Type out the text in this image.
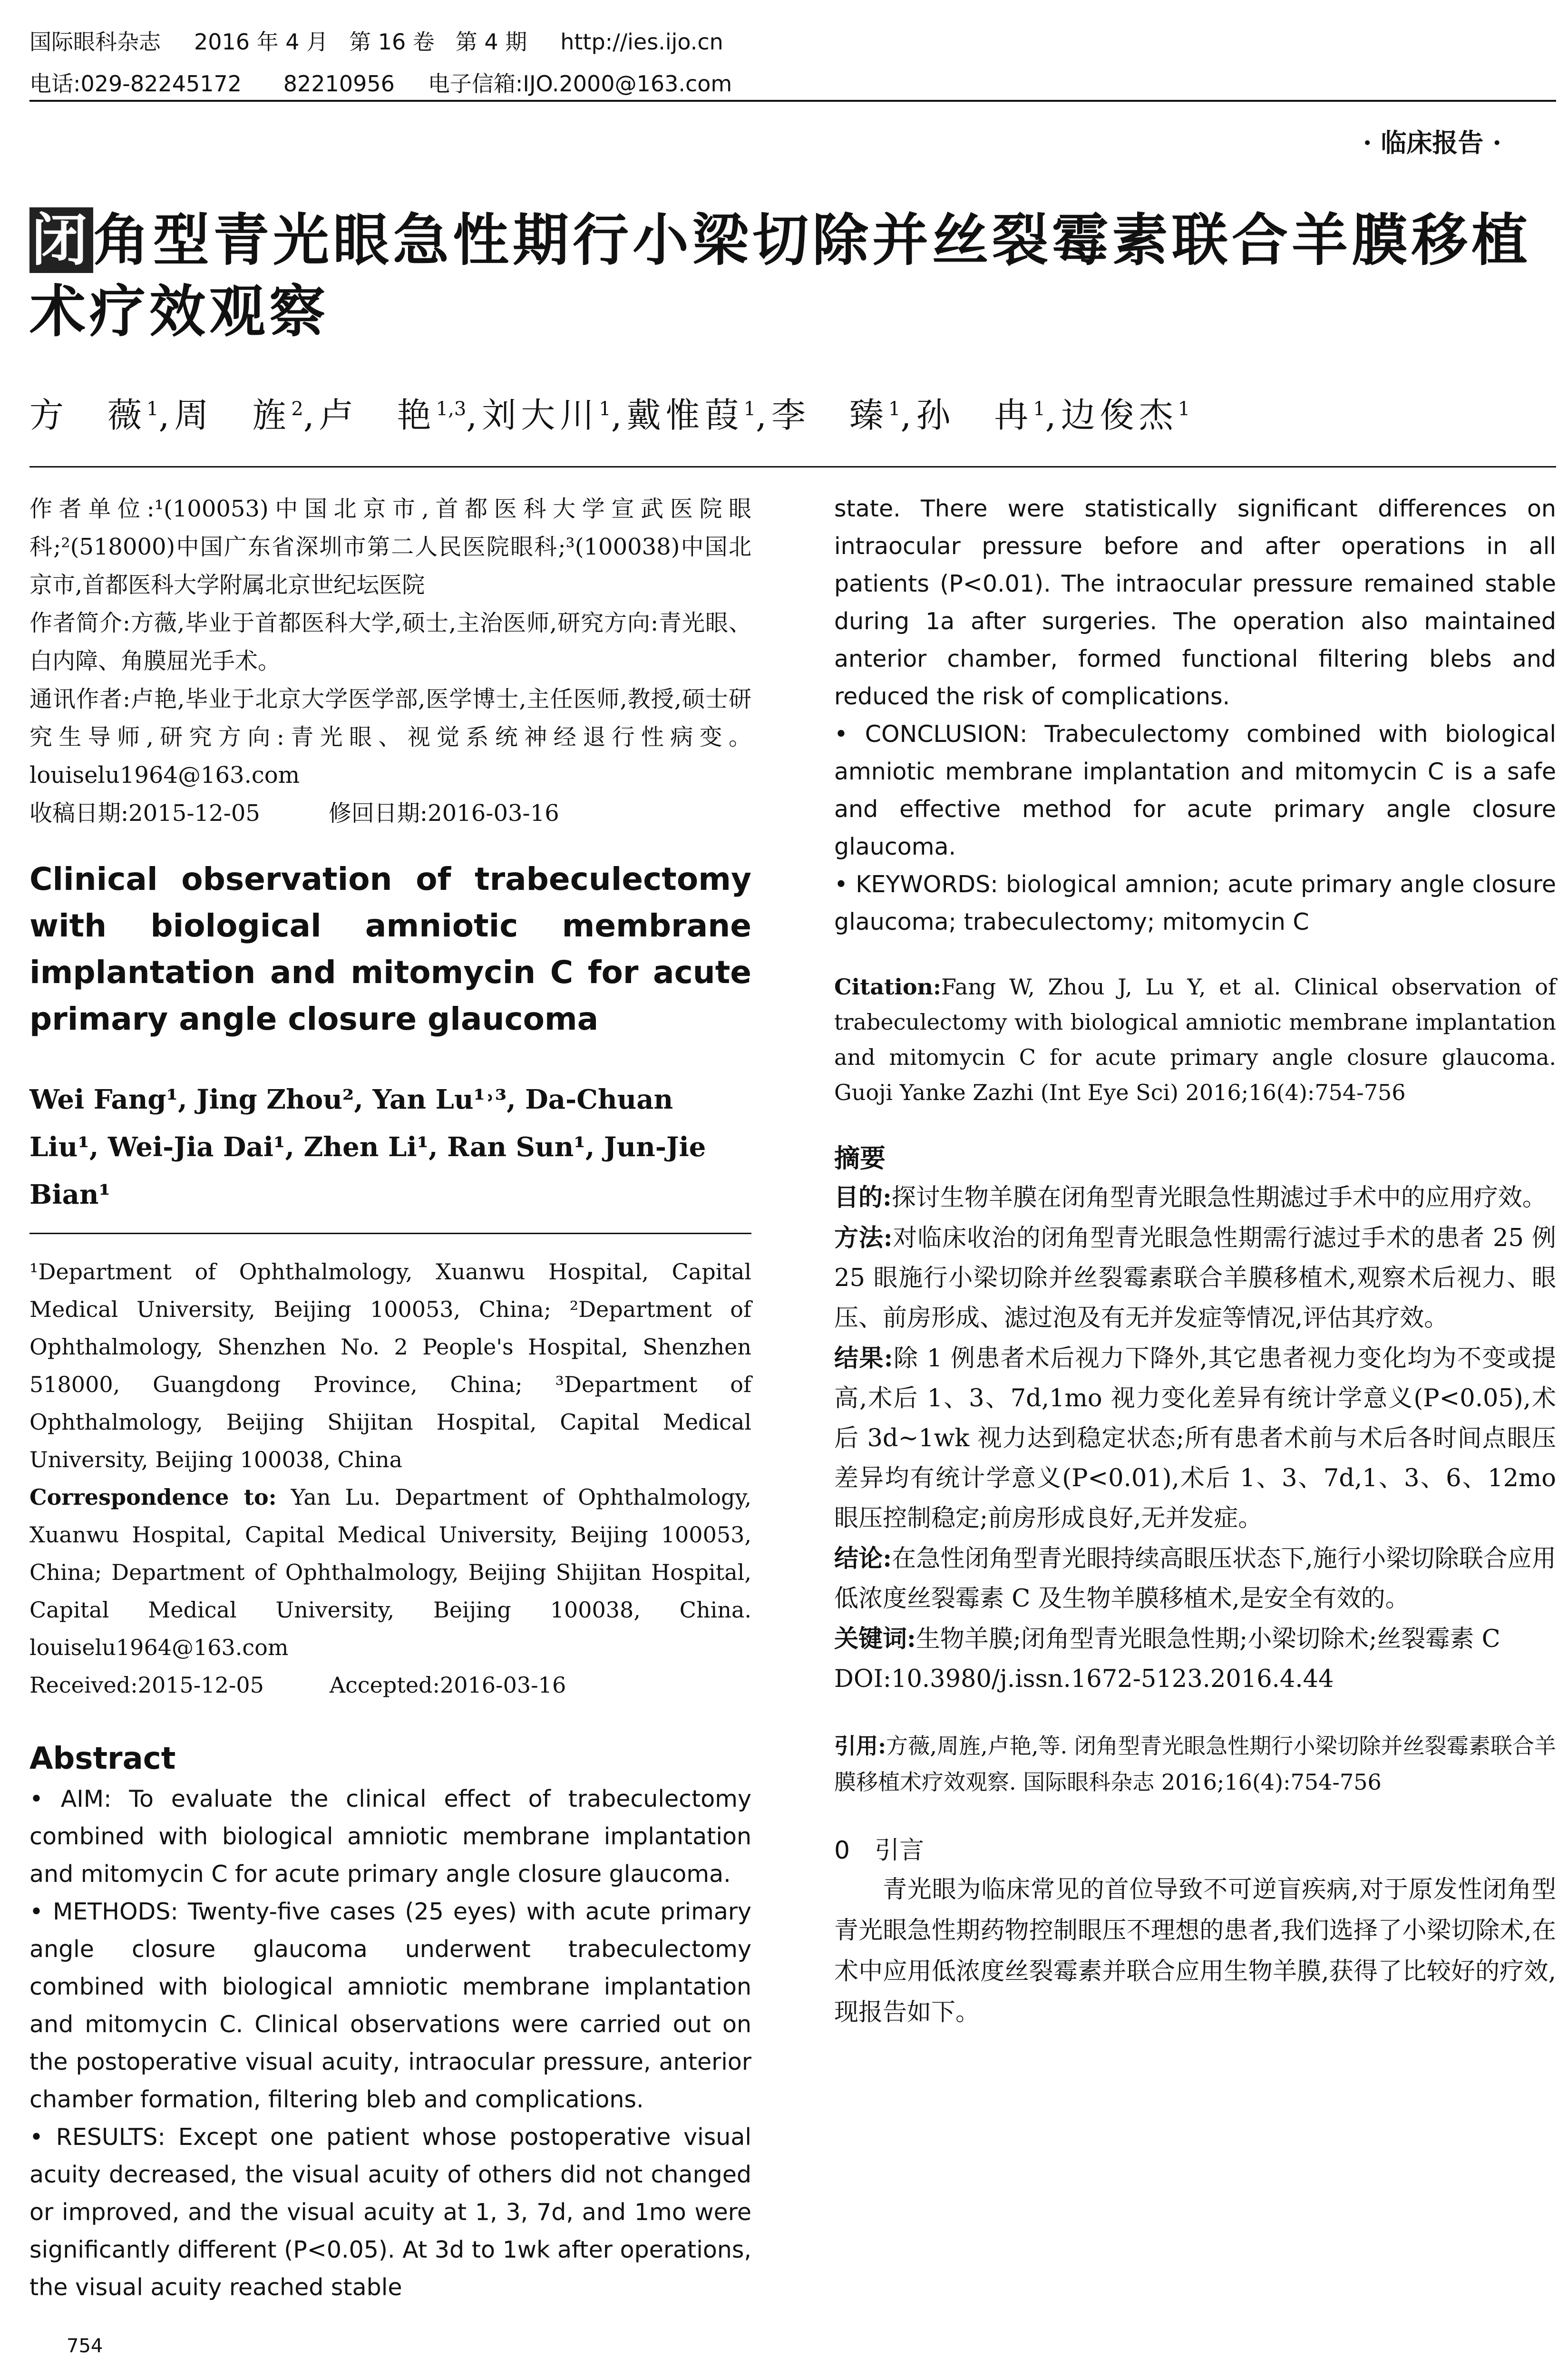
国际眼科杂志 2016 年 4 月   第 16 卷   第 4 期 http://ies.ijo.cn
电话:029-82245172      82210956 电子信箱:IJO.2000@163.com
· 临床报告 ·
闭角型青光眼急性期行小梁切除并丝裂霉素联合羊膜移植术疗效观察
方　薇$^1$,周　旌$^2$,卢　艳$^{1,3}$,刘大川$^1$,戴惟葭$^1$,李　臻$^1$,孙　冉$^1$,边俊杰$^1$

作者单位:¹(100053)中国北京市,首都医科大学宣武医院眼科;²(518000)中国广东省深圳市第二人民医院眼科;³(100038)中国北京市,首都医科大学附属北京世纪坛医院

作者简介:方薇,毕业于首都医科大学,硕士,主治医师,研究方向:青光眼、白内障、角膜屈光手术。

通讯作者:卢艳,毕业于北京大学医学部,医学博士,主任医师,教授,硕士研究生导师,研究方向:青光眼、视觉系统神经退行性病变。louiselu1964@163.com

收稿日期:2015-12-05　　　修回日期:2016-03-16

Clinical observation of trabeculectomy with biological amniotic membrane implantation and mitomycin C for acute primary angle closure glaucoma
Wei Fang¹, Jing Zhou², Yan Lu¹˒³, Da-Chuan Liu¹, Wei-Jia Dai¹, Zhen Li¹, Ran Sun¹, Jun-Jie Bian¹
¹Department of Ophthalmology, Xuanwu Hospital, Capital Medical University, Beijing 100053, China; ²Department of Ophthalmology, Shenzhen No. 2 People's Hospital, Shenzhen 518000, Guangdong Province, China; ³Department of Ophthalmology, Beijing Shijitan Hospital, Capital Medical University, Beijing 100038, China
Correspondence to: Yan Lu. Department of Ophthalmology, Xuanwu Hospital, Capital Medical University, Beijing 100053, China; Department of Ophthalmology, Beijing Shijitan Hospital, Capital Medical University, Beijing 100038, China. louiselu1964@163.com
Received:2015-12-05　　　Accepted:2016-03-16
Abstract

• AIM: To evaluate the clinical effect of trabeculectomy combined with biological amniotic membrane implantation and mitomycin C for acute primary angle closure glaucoma.

• METHODS: Twenty-five cases (25 eyes) with acute primary angle closure glaucoma underwent trabeculectomy combined with biological amniotic membrane implantation and mitomycin C. Clinical observations were carried out on the postoperative visual acuity, intraocular pressure, anterior chamber formation, filtering bleb and complications.

• RESULTS: Except one patient whose postoperative visual acuity decreased, the visual acuity of others did not changed or improved, and the visual acuity at 1, 3, 7d, and 1mo were significantly different (P<0.05). At 3d to 1wk after operations, the visual acuity reached stable

state. There were statistically significant differences on intraocular pressure before and after operations in all patients (P<0.01). The intraocular pressure remained stable during 1a after surgeries. The operation also maintained anterior chamber, formed functional filtering blebs and reduced the risk of complications.

• CONCLUSION: Trabeculectomy combined with biological amniotic membrane implantation and mitomycin C is a safe and effective method for acute primary angle closure glaucoma.

• KEYWORDS: biological amnion; acute primary angle closure glaucoma; trabeculectomy; mitomycin C

Citation:Fang W, Zhou J, Lu Y, et al. Clinical observation of trabeculectomy with biological amniotic membrane implantation and mitomycin C for acute primary angle closure glaucoma. Guoji Yanke Zazhi (Int Eye Sci) 2016;16(4):754-756
摘要

目的:探讨生物羊膜在闭角型青光眼急性期滤过手术中的应用疗效。

方法:对临床收治的闭角型青光眼急性期需行滤过手术的患者 25 例 25 眼施行小梁切除并丝裂霉素联合羊膜移植术,观察术后视力、眼压、前房形成、滤过泡及有无并发症等情况,评估其疗效。

结果:除 1 例患者术后视力下降外,其它患者视力变化均为不变或提高,术后 1、3、7d,1mo 视力变化差异有统计学意义(P<0.05),术后 3d~1wk 视力达到稳定状态;所有患者术前与术后各时间点眼压差异均有统计学意义(P<0.01),术后 1、3、7d,1、3、6、12mo 眼压控制稳定;前房形成良好,无并发症。

结论:在急性闭角型青光眼持续高眼压状态下,施行小梁切除联合应用低浓度丝裂霉素 C 及生物羊膜移植术,是安全有效的。

关键词:生物羊膜;闭角型青光眼急性期;小梁切除术;丝裂霉素 C

DOI:10.3980/j.issn.1672-5123.2016.4.44

引用:方薇,周旌,卢艳,等. 闭角型青光眼急性期行小梁切除并丝裂霉素联合羊膜移植术疗效观察. 国际眼科杂志 2016;16(4):754-756
0　引言
青光眼为临床常见的首位导致不可逆盲疾病,对于原发性闭角型青光眼急性期药物控制眼压不理想的患者,我们选择了小梁切除术,在术中应用低浓度丝裂霉素并联合应用生物羊膜,获得了比较好的疗效,现报告如下。
754
